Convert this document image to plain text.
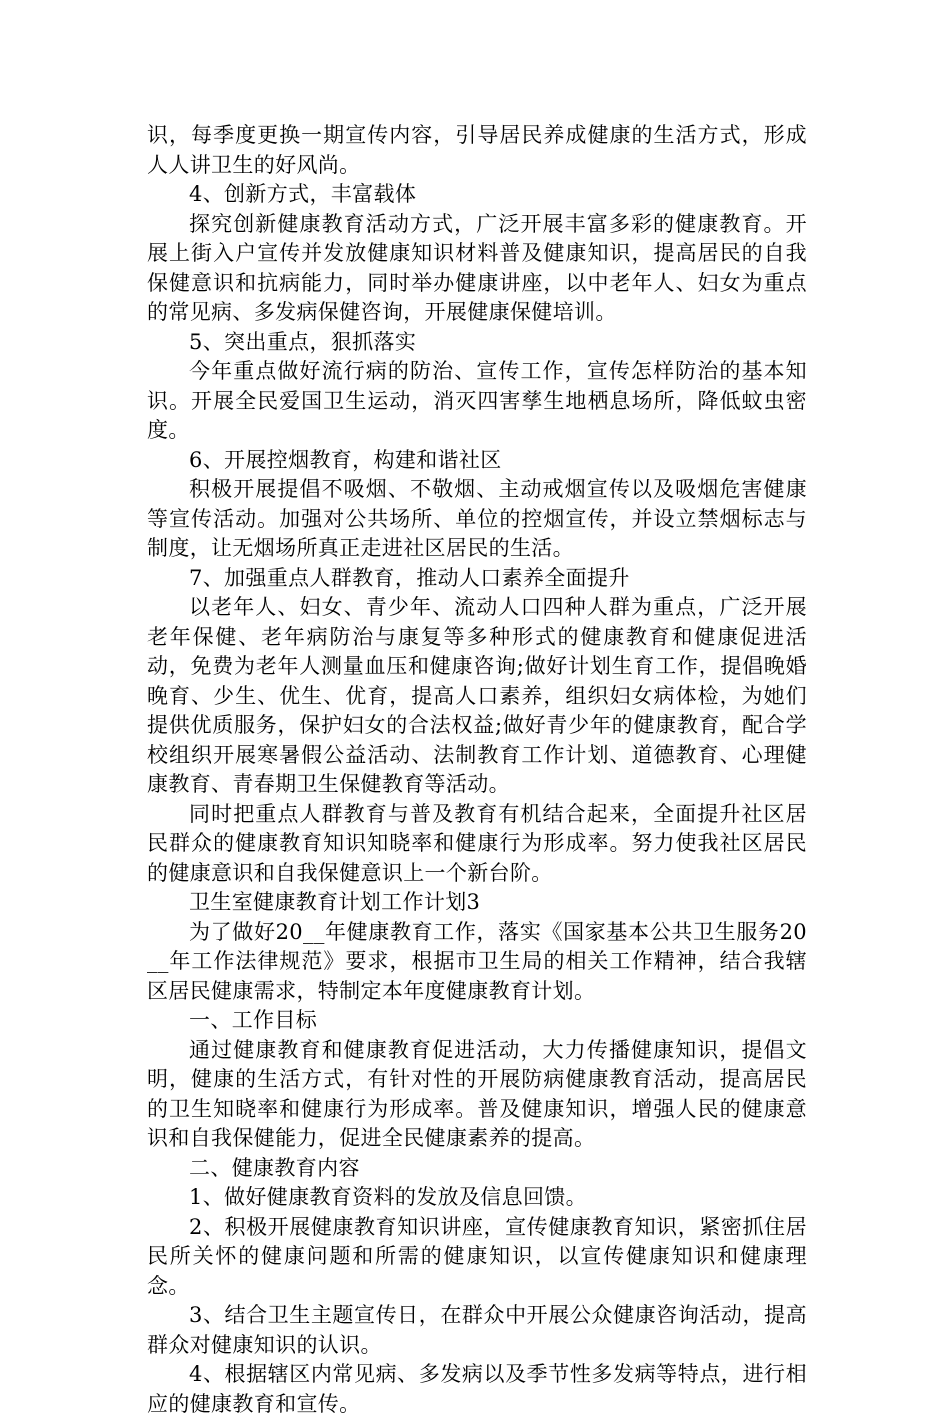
识，每季度更换一期宣传内容，引导居民养成健康的生活方式，形成人人讲卫生的好风尚。

4、创新方式，丰富载体

探究创新健康教育活动方式，广泛开展丰富多彩的健康教育。开展上街入户宣传并发放健康知识材料普及健康知识，提高居民的自我保健意识和抗病能力，同时举办健康讲座，以中老年人、妇女为重点的常见病、多发病保健咨询，开展健康保健培训。

5、突出重点，狠抓落实

今年重点做好流行病的防治、宣传工作，宣传怎样防治的基本知识。开展全民爱国卫生运动，消灭四害孳生地栖息场所，降低蚊虫密度。

6、开展控烟教育，构建和谐社区

积极开展提倡不吸烟、不敬烟、主动戒烟宣传以及吸烟危害健康等宣传活动。加强对公共场所、单位的控烟宣传，并设立禁烟标志与制度，让无烟场所真正走进社区居民的生活。

7、加强重点人群教育，推动人口素养全面提升

以老年人、妇女、青少年、流动人口四种人群为重点，广泛开展老年保健、老年病防治与康复等多种形式的健康教育和健康促进活动，免费为老年人测量血压和健康咨询;做好计划生育工作，提倡晚婚晚育、少生、优生、优育，提高人口素养，组织妇女病体检，为她们提供优质服务，保护妇女的合法权益;做好青少年的健康教育，配合学校组织开展寒暑假公益活动、法制教育工作计划、道德教育、心理健康教育、青春期卫生保健教育等活动。

同时把重点人群教育与普及教育有机结合起来，全面提升社区居民群众的健康教育知识知晓率和健康行为形成率。努力使我社区居民的健康意识和自我保健意识上一个新台阶。

卫生室健康教育计划工作计划3

为了做好20__年健康教育工作，落实《国家基本公共卫生服务20__年工作法律规范》要求，根据市卫生局的相关工作精神，结合我辖区居民健康需求，特制定本年度健康教育计划。

一、工作目标

通过健康教育和健康教育促进活动，大力传播健康知识，提倡文明，健康的生活方式，有针对性的开展防病健康教育活动，提高居民的卫生知晓率和健康行为形成率。普及健康知识，增强人民的健康意识和自我保健能力，促进全民健康素养的提高。

二、健康教育内容

1、做好健康教育资料的发放及信息回馈。

2、积极开展健康教育知识讲座，宣传健康教育知识，紧密抓住居民所关怀的健康问题和所需的健康知识，以宣传健康知识和健康理念。

3、结合卫生主题宣传日，在群众中开展公众健康咨询活动，提高群众对健康知识的认识。

4、根据辖区内常见病、多发病以及季节性多发病等特点，进行相应的健康教育和宣传。
